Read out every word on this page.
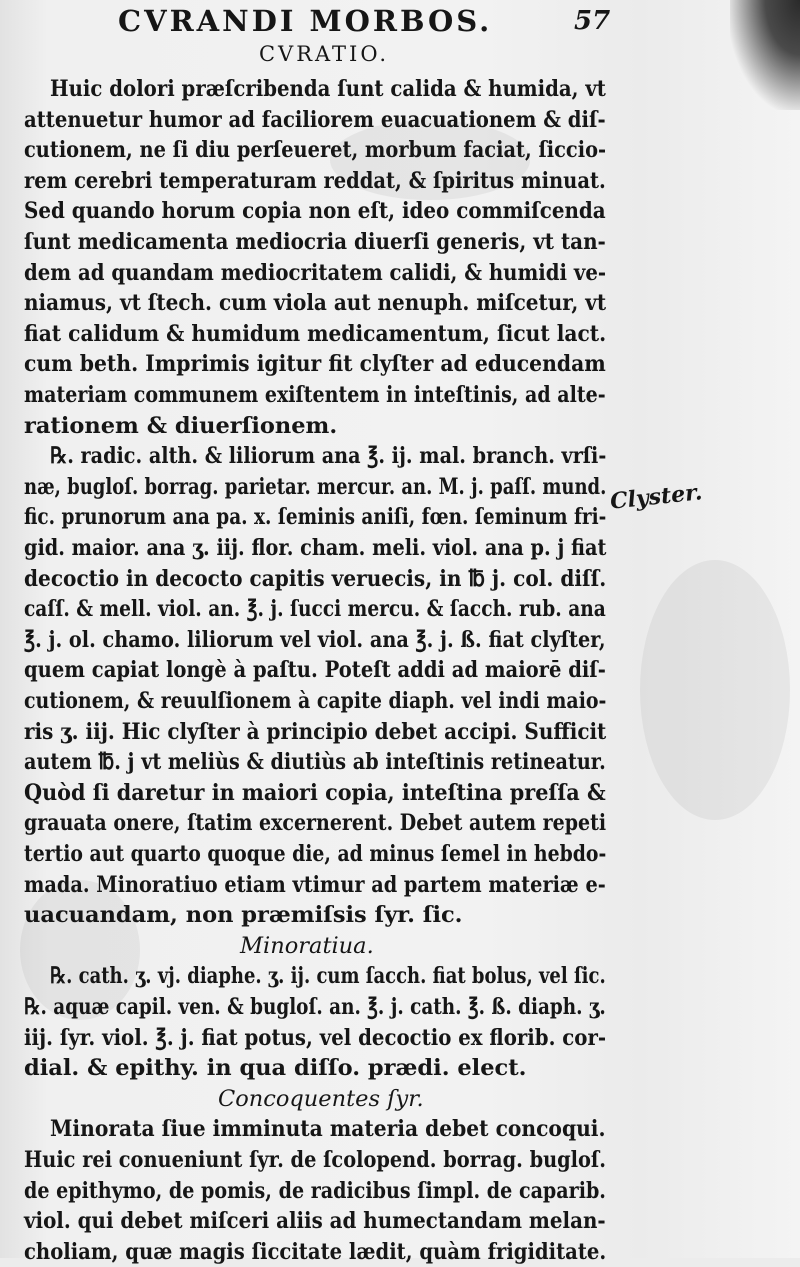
CVRANDI MORBOS.	57
CVRATIO.
Huic dolori præſcribenda ſunt calida & humida, vt
attenuetur humor ad faciliorem euacuationem & diſ-
cutionem, ne ſi diu perſeueret, morbum faciat, ſiccio-
rem cerebri temperaturam reddat, & ſpiritus minuat.
Sed quando horum copia non eſt, ideo commiſcenda
ſunt medicamenta mediocria diuerſi generis, vt tan-
dem ad quandam mediocritatem calidi, & humidi ve-
niamus, vt ſtech. cum viola aut nenuph. miſcetur, vt
fiat calidum & humidum medicamentum, ſicut lact.
cum beth. Imprimis igitur fit clyſter ad educendam
materiam communem exiſtentem in inteſtinis, ad alte-
rationem & diuerſionem.
℞. radic. alth. & liliorum ana ℥. ij. mal. branch. vrſi-
næ, bugloſ. borrag. parietar. mercur. an. M. j. paſſ. mund.
fic. prunorum ana pa. x. ſeminis aniſi, fœn. ſeminum fri-
gid. maior. ana ʒ. iij. flor. cham. meli. viol. ana p. j fiat
decoctio in decocto capitis veruecis, in ℔ j. col. diſſ.
caſſ. & mell. viol. an. ℥. j. ſucci mercu. & ſacch. rub. ana
℥. j. ol. chamo. liliorum vel viol. ana ℥. j. ß. fiat clyſter,
quem capiat longè à paſtu. Poteſt addi ad maiorē diſ-
cutionem, & reuulſionem à capite diaph. vel indi maio-
ris ʒ. iij. Hic clyſter à principio debet accipi. Sufficit
autem ℔. j vt meliùs & diutiùs ab inteſtinis retineatur.
Quòd ſi daretur in maiori copia, inteſtina preſſa &
grauata onere, ſtatim excernerent. Debet autem repeti
tertio aut quarto quoque die, ad minus ſemel in hebdo-
mada. Minoratiuo etiam vtimur ad partem materiæ e-
uacuandam, non præmiſsis ſyr. ſic.
Minoratiua.
℞. cath. ʒ. vj. diaphe. ʒ. ij. cum ſacch. fiat bolus, vel ſic.
℞. aquæ capil. ven. & bugloſ. an. ℥. j. cath. ℥. ß. diaph. ʒ.
iij. ſyr. viol. ℥. j. fiat potus, vel decoctio ex florib. cor-
dial. & epithy. in qua diſſo. prædi. elect.
Concoquentes ſyr.
Minorata ſiue imminuta materia debet concoqui.
Huic rei conueniunt ſyr. de ſcolopend. borrag. bugloſ.
de epithymo, de pomis, de radicibus ſimpl. de caparib.
viol. qui debet miſceri aliis ad humectandam melan-
choliam, quæ magis ſiccitate lædit, quàm frigiditate.
Clyster.
